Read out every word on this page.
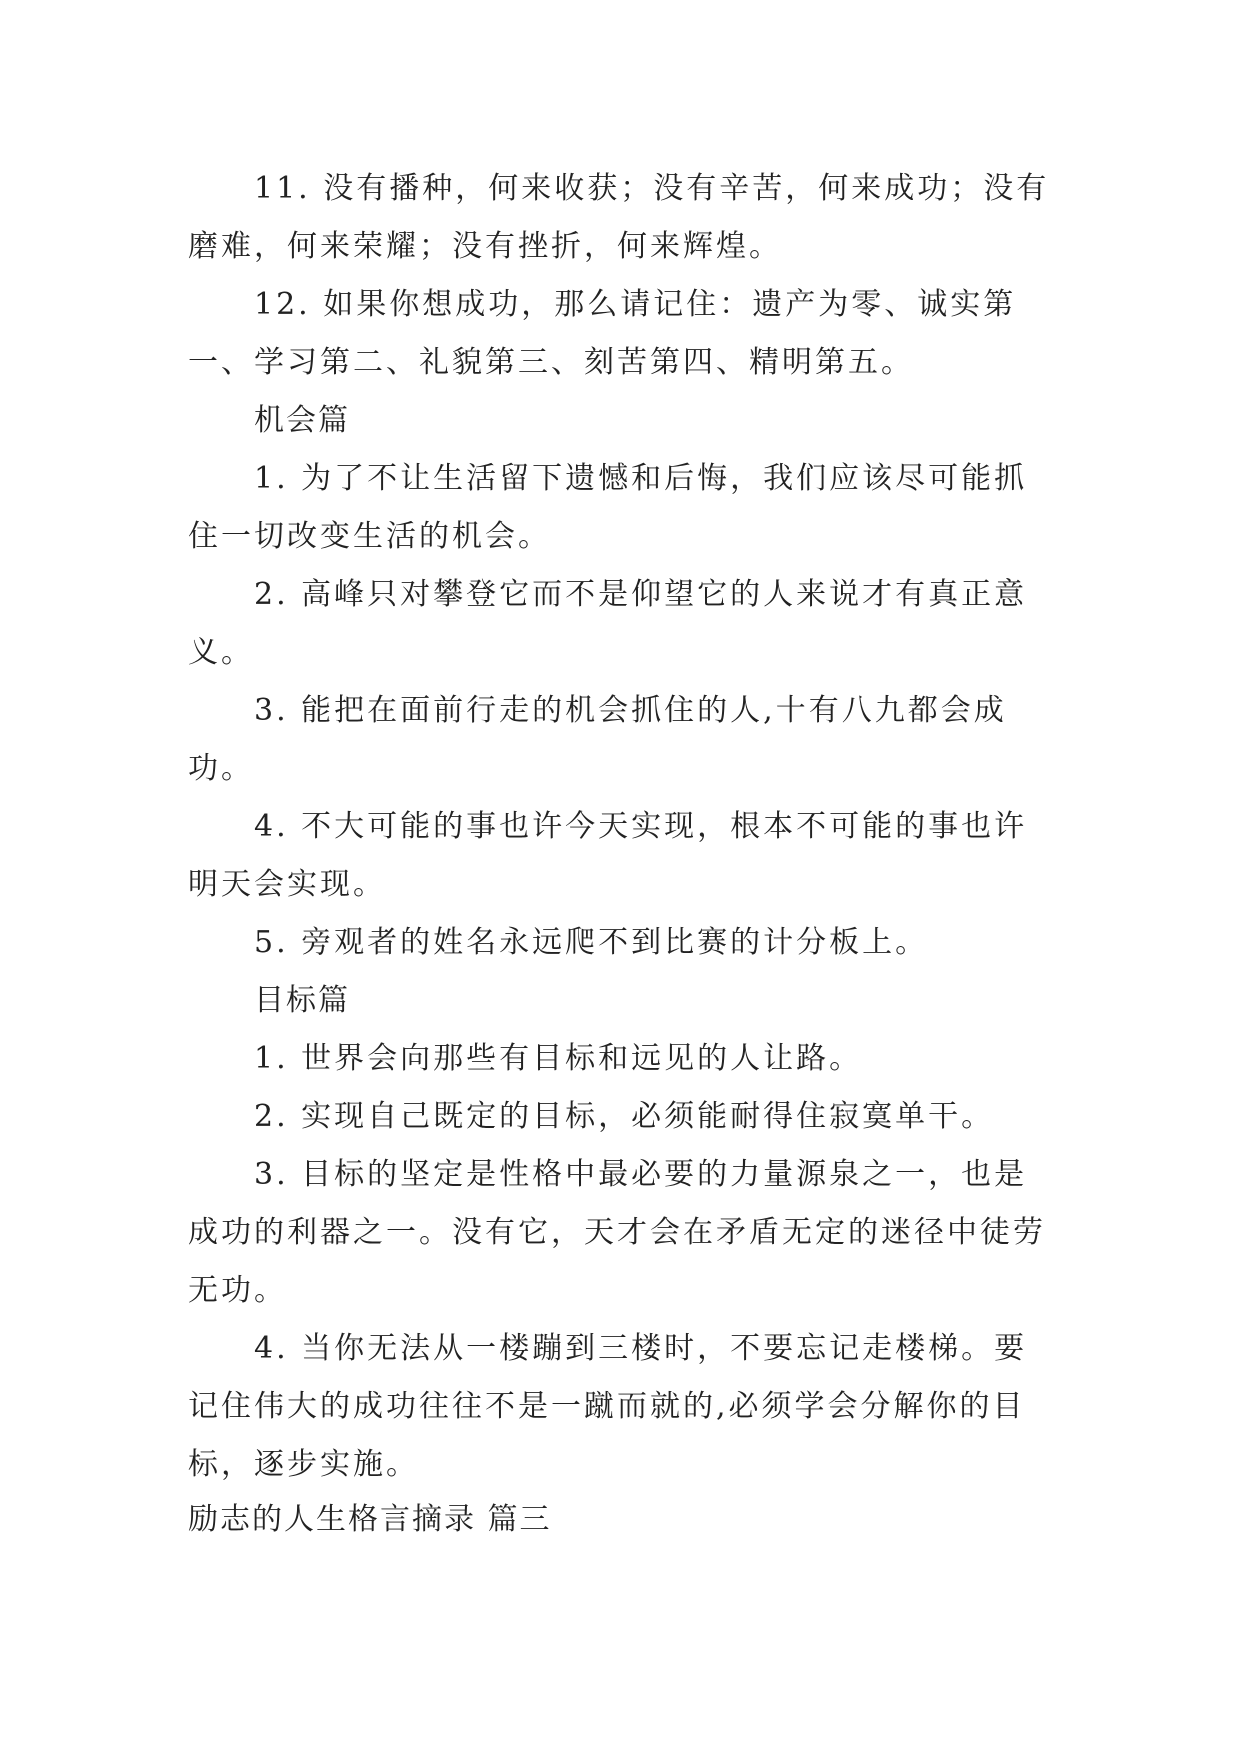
11. 没有播种，何来收获；没有辛苦，何来成功；没有磨难，何来荣耀；没有挫折，何来辉煌。

12. 如果你想成功，那么请记住：遗产为零、诚实第一、学习第二、礼貌第三、刻苦第四、精明第五。

机会篇

1. 为了不让生活留下遗憾和后悔，我们应该尽可能抓住一切改变生活的机会。

2. 高峰只对攀登它而不是仰望它的人来说才有真正意义。

3. 能把在面前行走的机会抓住的人,十有八九都会成功。

4. 不大可能的事也许今天实现，根本不可能的事也许明天会实现。

5. 旁观者的姓名永远爬不到比赛的计分板上。

目标篇

1. 世界会向那些有目标和远见的人让路。

2. 实现自己既定的目标，必须能耐得住寂寞单干。

3. 目标的坚定是性格中最必要的力量源泉之一，也是成功的利器之一。没有它，天才会在矛盾无定的迷径中徒劳无功。

4. 当你无法从一楼蹦到三楼时，不要忘记走楼梯。要记住伟大的成功往往不是一蹴而就的,必须学会分解你的目标，逐步实施。

励志的人生格言摘录 篇三
